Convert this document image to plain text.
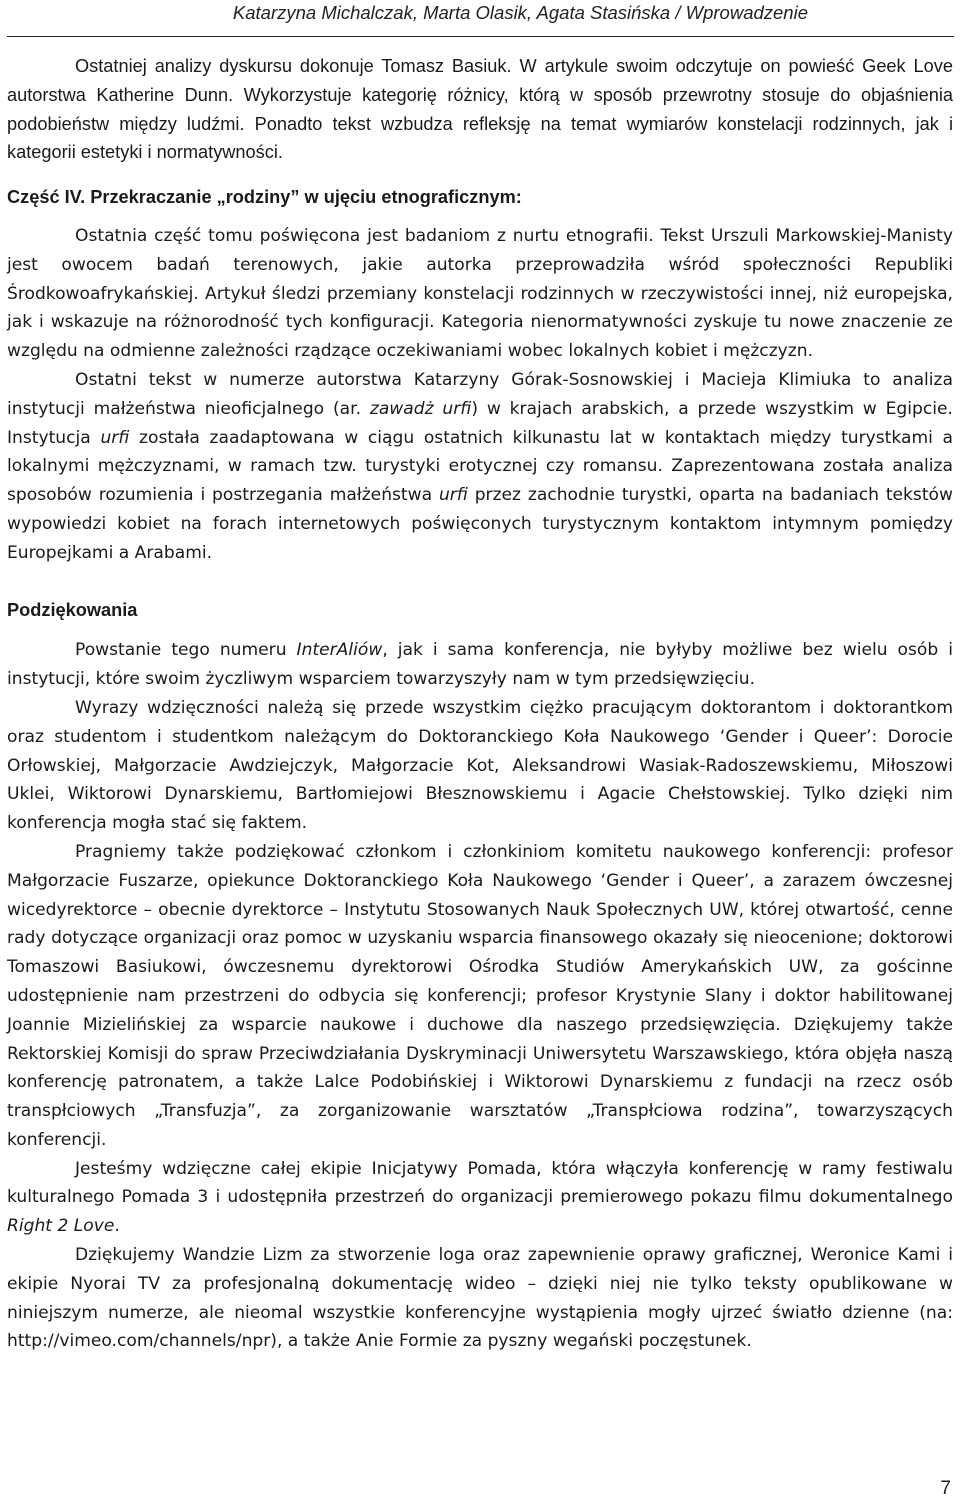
Katarzyna Michalczak, Marta Olasik, Agata Stasińska / Wprowadzenie

Ostatniej analizy dyskursu dokonuje Tomasz Basiuk. W artykule swoim odczytuje on powieść Geek Love autorstwa Katherine Dunn. Wykorzystuje kategorię różnicy, którą w sposób przewrotny stosuje do objaśnienia podobieństw między ludźmi. Ponadto tekst wzbudza refleksję na temat wymiarów konstelacji rodzinnych, jak i kategorii estetyki i normatywności.

Część IV. Przekraczanie „rodziny” w ujęciu etnograficznym:

Ostatnia część tomu poświęcona jest badaniom z nurtu etnografii. Tekst Urszuli Markowskiej-Manisty jest owocem badań terenowych, jakie autorka przeprowadziła wśród społeczności Republiki Środkowoafrykańskiej. Artykuł śledzi przemiany konstelacji rodzinnych w rzeczywistości innej, niż europejska, jak i wskazuje na różnorodność tych konfiguracji. Kategoria nienormatywności zyskuje tu nowe znaczenie ze względu na odmienne zależności rządzące oczekiwaniami wobec lokalnych kobiet i mężczyzn.

Ostatni tekst w numerze autorstwa Katarzyny Górak-Sosnowskiej i Macieja Klimiuka to analiza instytucji małżeństwa nieoficjalnego (ar. zawadż urfi) w krajach arabskich, a przede wszystkim w Egipcie. Instytucja urfi została zaadaptowana w ciągu ostatnich kilkunastu lat w kontaktach między turystkami a lokalnymi mężczyznami, w ramach tzw. turystyki erotycznej czy romansu. Zaprezentowana została analiza sposobów rozumienia i postrzegania małżeństwa urfi przez zachodnie turystki, oparta na badaniach tekstów wypowiedzi kobiet na forach internetowych poświęconych turystycznym kontaktom intymnym pomiędzy Europejkami a Arabami.

Podziękowania

Powstanie tego numeru InterAliów, jak i sama konferencja, nie byłyby możliwe bez wielu osób i instytucji, które swoim życzliwym wsparciem towarzyszyły nam w tym przedsięwzięciu.

Wyrazy wdzięczności należą się przede wszystkim ciężko pracującym doktorantom i doktorantkom oraz studentom i studentkom należącym do Doktoranckiego Koła Naukowego ‘Gender i Queer’: Dorocie Orłowskiej, Małgorzacie Awdziejczyk, Małgorzacie Kot, Aleksandrowi Wasiak-Radoszewskiemu, Miłoszowi Uklei, Wiktorowi Dynarskiemu, Bartłomiejowi Błesznowskiemu i Agacie Chełstowskiej. Tylko dzięki nim konferencja mogła stać się faktem.

Pragniemy także podziękować członkom i członkiniom komitetu naukowego konferencji: profesor Małgorzacie Fuszarze, opiekunce Doktoranckiego Koła Naukowego ‘Gender i Queer’, a zarazem ówczesnej wicedyrektorce – obecnie dyrektorce – Instytutu Stosowanych Nauk Społecznych UW, której otwartość, cenne rady dotyczące organizacji oraz pomoc w uzyskaniu wsparcia finansowego okazały się nieocenione; doktorowi Tomaszowi Basiukowi, ówczesnemu dyrektorowi Ośrodka Studiów Amerykańskich UW, za gościnne udostępnienie nam przestrzeni do odbycia się konferencji; profesor Krystynie Slany i doktor habilitowanej Joannie Mizielińskiej za wsparcie naukowe i duchowe dla naszego przedsięwzięcia. Dziękujemy także Rektorskiej Komisji do spraw Przeciwdziałania Dyskryminacji Uniwersytetu Warszawskiego, która objęła naszą konferencję patronatem, a także Lalce Podobińskiej i Wiktorowi Dynarskiemu z fundacji na rzecz osób transpłciowych „Transfuzja”, za zorganizowanie warsztatów „Transpłciowa rodzina”, towarzyszących konferencji.

Jesteśmy wdzięczne całej ekipie Inicjatywy Pomada, która włączyła konferencję w ramy festiwalu kulturalnego Pomada 3 i udostępniła przestrzeń do organizacji premierowego pokazu filmu dokumentalnego Right 2 Love.

Dziękujemy Wandzie Lizm za stworzenie loga oraz zapewnienie oprawy graficznej, Weronice Kami i ekipie Nyorai TV za profesjonalną dokumentację wideo – dzięki niej nie tylko teksty opublikowane w niniejszym numerze, ale nieomal wszystkie konferencyjne wystąpienia mogły ujrzeć światło dzienne (na: http://vimeo.com/channels/npr), a także Anie Formie za pyszny wegański poczęstunek.

7
